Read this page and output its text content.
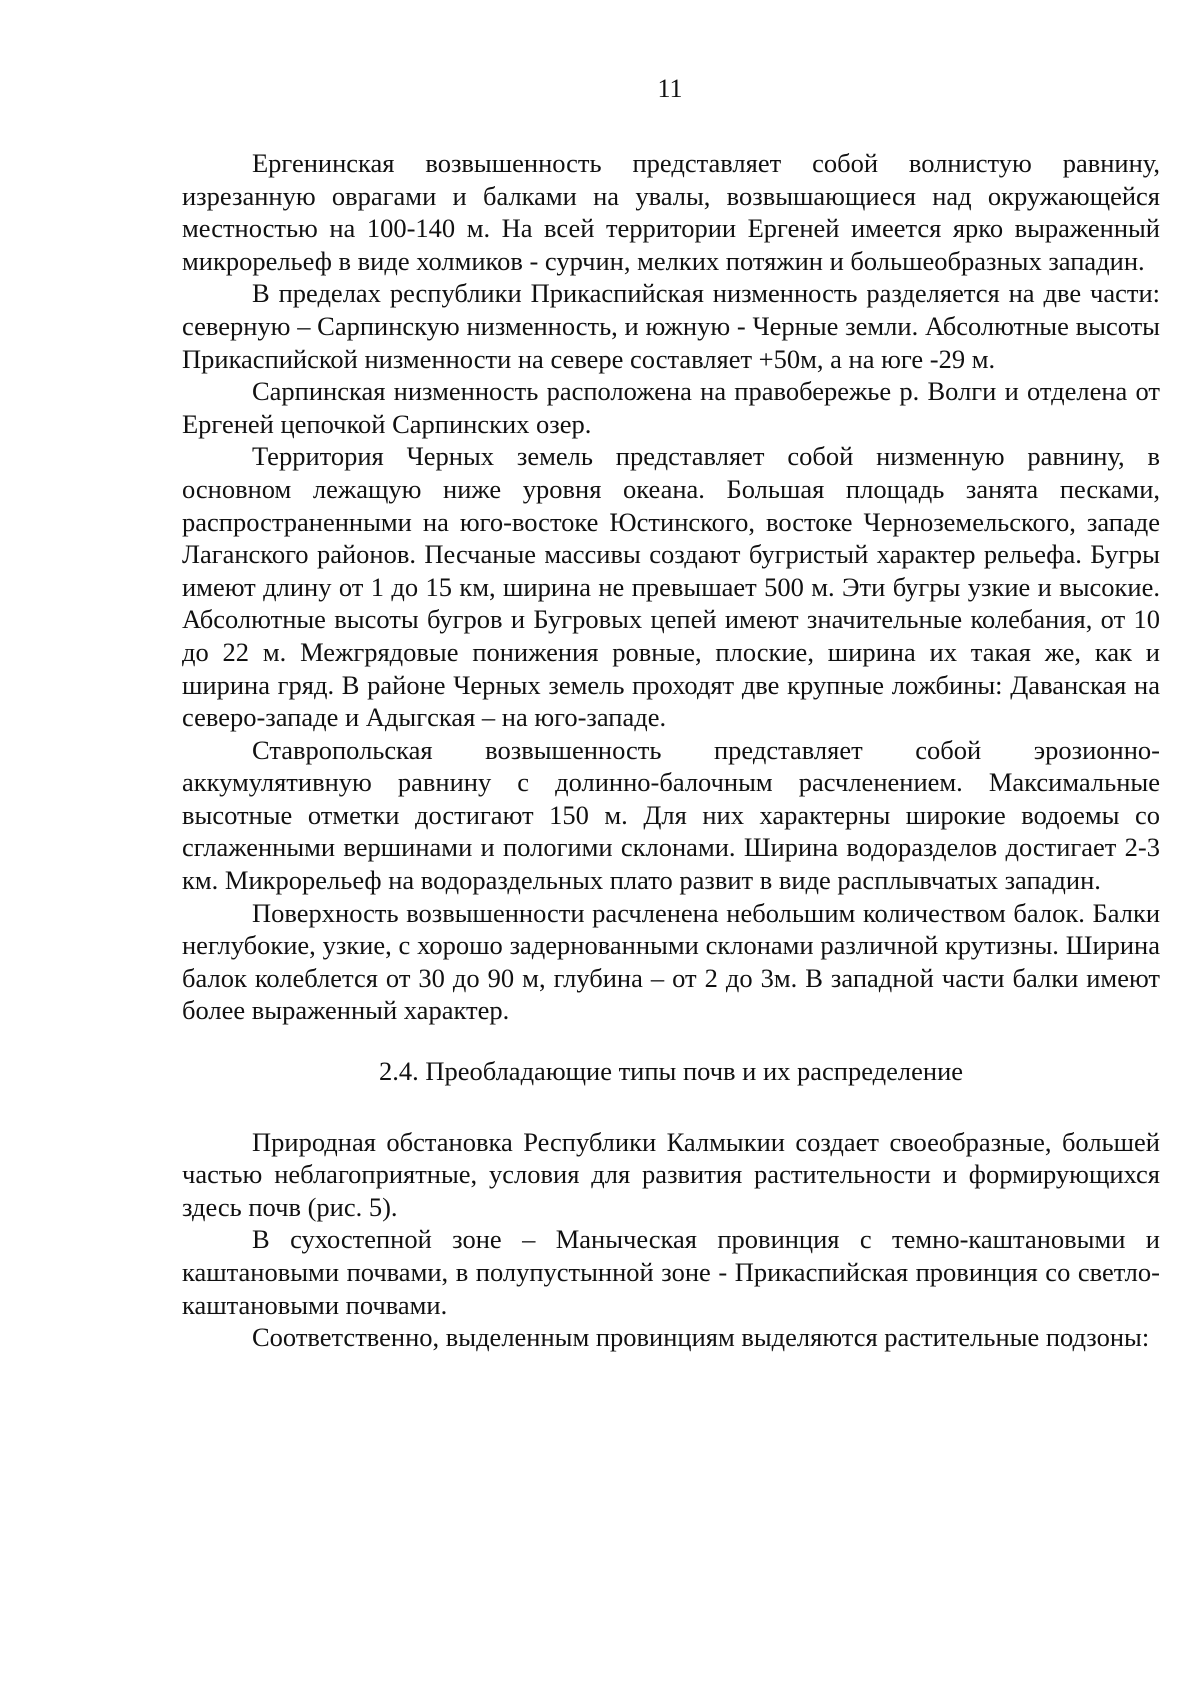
11

Ергенинская возвышенность представляет собой волнистую равнину, изрезанную оврагами и балками на увалы, возвышающиеся над окружающейся местностью на 100-140 м. На всей территории Ергеней имеется ярко выраженный микрорельеф в виде холмиков - сурчин, мелких потяжин и большеобразных западин.

В пределах республики Прикаспийская низменность разделяется на две части: северную – Сарпинскую низменность, и южную - Черные земли. Абсолютные высоты Прикаспийской низменности на севере составляет +50м, а на юге -29 м.

Сарпинская низменность расположена на правобережье р. Волги и отделена от Ергеней цепочкой Сарпинских озер.

Территория Черных земель представляет собой низменную равнину, в основном лежащую ниже уровня океана. Большая площадь занята песками, распространенными на юго-востоке Юстинского, востоке Черноземельского, западе Лаганского районов. Песчаные массивы создают бугристый характер рельефа. Бугры имеют длину от 1 до 15 км, ширина не превышает 500 м. Эти бугры узкие и высокие. Абсолютные высоты бугров и Бугровых цепей имеют значительные колебания, от 10 до 22 м. Межгрядовые понижения ровные, плоские, ширина их такая же, как и ширина гряд. В районе Черных земель проходят две крупные ложбины: Даванская на северо-западе и Адыгская – на юго-западе.

Ставропольская возвышенность представляет собой эрозионно-аккумулятивную равнину с долинно-балочным расчленением. Максимальные высотные отметки достигают 150 м. Для них характерны широкие водоемы со сглаженными вершинами и пологими склонами. Ширина водоразделов достигает 2-3 км. Микрорельеф на водораздельных плато развит в виде расплывчатых западин.

Поверхность возвышенности расчленена небольшим количеством балок. Балки неглубокие, узкие, с хорошо задернованными склонами различной крутизны. Ширина балок колеблется от 30 до 90 м, глубина – от 2 до 3м. В западной части балки имеют более выраженный характер.

2.4. Преобладающие типы почв и их распределение

Природная обстановка Республики Калмыкии создает своеобразные, большей частью неблагоприятные, условия для развития растительности и формирующихся здесь почв (рис. 5).

В сухостепной зоне – Маныческая провинция с темно-каштановыми и каштановыми почвами, в полупустынной зоне - Прикаспийская провинция со светло-каштановыми почвами.

Соответственно, выделенным провинциям выделяются растительные подзоны:
